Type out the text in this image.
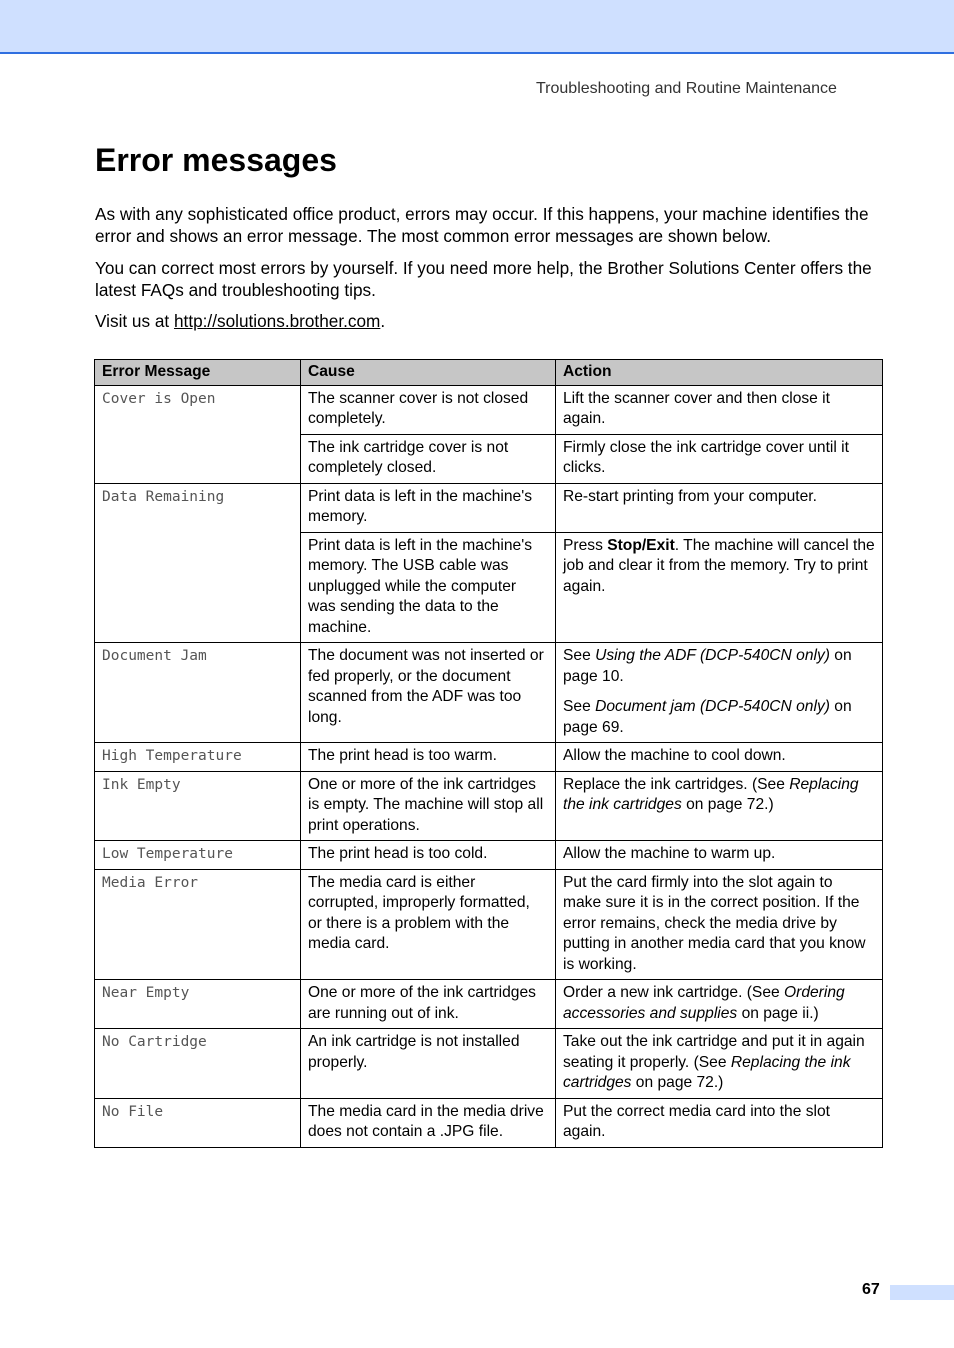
Troubleshooting and Routine Maintenance
Error messages

As with any sophisticated office product, errors may occur. If this happens, your machine identifies the error and shows an error message. The most common error messages are shown below.

You can correct most errors by yourself. If you need more help, the Brother Solutions Center offers the latest FAQs and troubleshooting tips.

Visit us at http://solutions.brother.com.

Error Message	Cause	Action
Cover is Open	The scanner cover is not closed completely.	Lift the scanner cover and then close it again.
	The ink cartridge cover is not completely closed.	Firmly close the ink cartridge cover until it clicks.
Data Remaining	Print data is left in the machine's memory.	Re-start printing from your computer.
	Print data is left in the machine's memory. The USB cable was unplugged while the computer was sending the data to the machine.	Press Stop/Exit. The machine will cancel the job and clear it from the memory. Try to print again.
Document Jam	The document was not inserted or fed properly, or the document scanned from the ADF was too long.	See Using the ADF (DCP-540CN only) on page 10.
See Document jam (DCP-540CN only) on page 69.
High Temperature	The print head is too warm.	Allow the machine to cool down.
Ink Empty	One or more of the ink cartridges is empty. The machine will stop all print operations.	Replace the ink cartridges. (See Replacing the ink cartridges on page 72.)
Low Temperature	The print head is too cold.	Allow the machine to warm up.
Media Error	The media card is either corrupted, improperly formatted, or there is a problem with the media card.	Put the card firmly into the slot again to make sure it is in the correct position. If the error remains, check the media drive by putting in another media card that you know is working.
Near Empty	One or more of the ink cartridges are running out of ink.	Order a new ink cartridge. (See Ordering accessories and supplies on page ii.)
No Cartridge	An ink cartridge is not installed properly.	Take out the ink cartridge and put it in again seating it properly. (See Replacing the ink cartridges on page 72.)
No File	The media card in the media drive does not contain a .JPG file.	Put the correct media card into the slot again.
67
